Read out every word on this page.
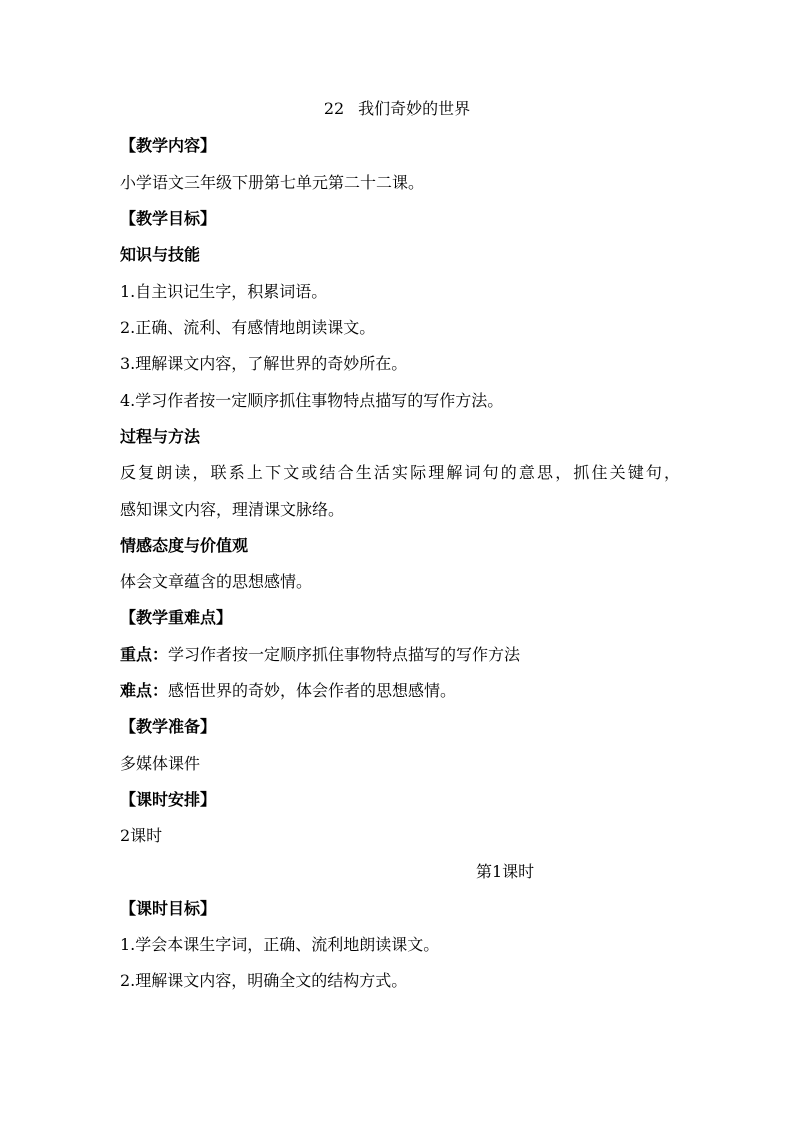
22 我们奇妙的世界
【教学内容】
小学语文三年级下册第七单元第二十二课。
【教学目标】
知识与技能
1.自主识记生字，积累词语。
2.正确、流利、有感情地朗读课文。
3.理解课文内容，了解世界的奇妙所在。
4.学习作者按一定顺序抓住事物特点描写的写作方法。
过程与方法
反复朗读，联系上下文或结合生活实际理解词句的意思，抓住关键句，
感知课文内容，理清课文脉络。
情感态度与价值观
体会文章蕴含的思想感情。
【教学重难点】
重点：学习作者按一定顺序抓住事物特点描写的写作方法
难点：感悟世界的奇妙，体会作者的思想感情。
【教学准备】
多媒体课件
【课时安排】
2课时
第1课时
【课时目标】
1.学会本课生字词，正确、流利地朗读课文。
2.理解课文内容，明确全文的结构方式。
